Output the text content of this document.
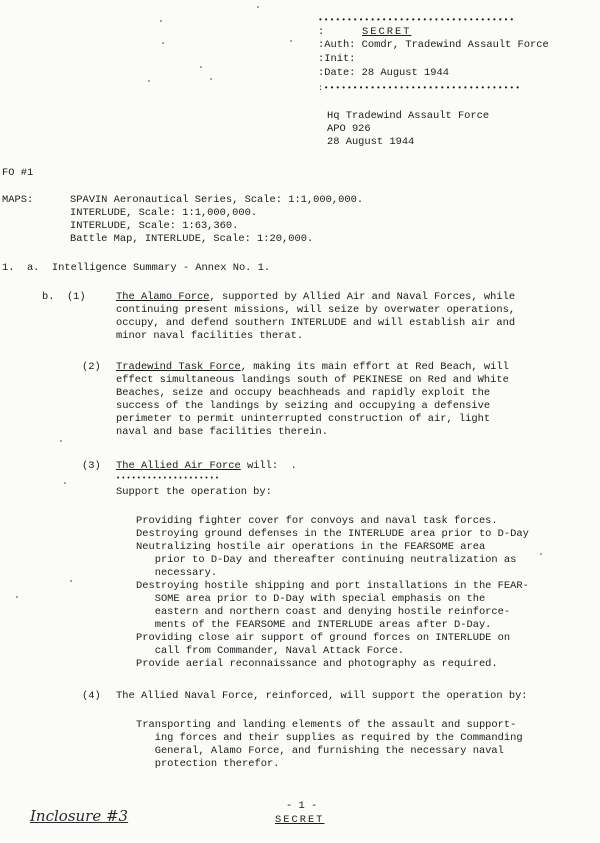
••••••••••••••••••••••••••••••••••
:	SECRET
:Auth: Comdr, Tradewind Assault Force
:Init:
:Date: 28 August 1944
:••••••••••••••••••••••••••••••••••
Hq Tradewind Assault Force
APO 926
28 August 1944
FO #1
MAPS:	SPAVIN Aeronautical Series, Scale: 1:1,000,000.
INTERLUDE, Scale: 1:1,000,000.
INTERLUDE, Scale: 1:63,360.
Battle Map, INTERLUDE, Scale: 1:20,000.
1.  a.  Intelligence Summary - Annex No. 1.
b.  (1)	The Alamo Force, supported by Allied Air and Naval Forces, while
continuing present missions, will seize by overwater operations,
occupy, and defend southern INTERLUDE and will establish air and
minor naval facilities therat.
(2) Tradewind Task Force, making its main effort at Red Beach, will
effect simultaneous landings south of PEKINESE on Red and White
Beaches, seize and occupy beachheads and rapidly exploit the
success of the landings by seizing and occupying a defensive
perimeter to permit uninterrupted construction of air, light
naval and base facilities therein.
(3) The Allied Air Force will:  .
••••••••••••••••••••
Support the operation by:
Providing fighter cover for convoys and naval task forces.
Destroying ground defenses in the INTERLUDE area prior to D-Day
Neutralizing hostile air operations in the FEARSOME area
prior to D-Day and thereafter continuing neutralization as
necessary.
Destroying hostile shipping and port installations in the FEAR-
SOME area prior to D-Day with special emphasis on the
eastern and northern coast and denying hostile reinforce-
ments of the FEARSOME and INTERLUDE areas after D-Day.
Providing close air support of ground forces on INTERLUDE on
call from Commander, Naval Attack Force.
Provide aerial reconnaissance and photography as required.
(4) The Allied Naval Force, reinforced, will support the operation by:
Transporting and landing elements of the assault and support-
ing forces and their supplies as required by the Commanding
General, Alamo Force, and furnishing the necessary naval
protection therefor.
- 1 -
SECRET
Inclosure #3
